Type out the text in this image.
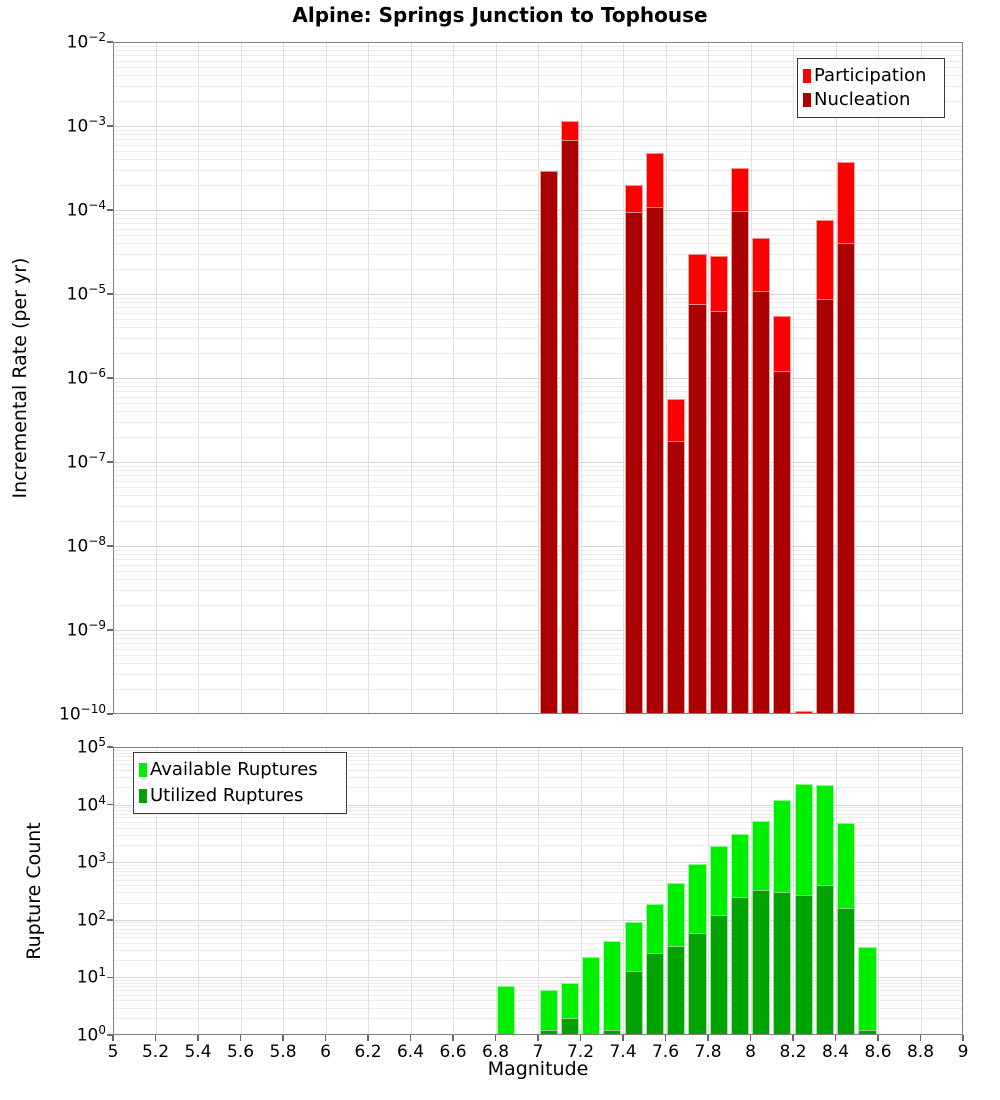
Alpine: Springs Junction to Tophouse
Incremental Rate (per yr)
Participation
Nucleation
Rupture Count
Available Ruptures
Utilized Ruptures
5	5.2 5.4 5.6 5.8	6	6.2 6.4 6.6 6.8	7	7.2 7.4 7.6 7.8	8	8.2 8.4 8.6 8.8	9
Magnitude
$10^{-2}$
$10^{-3}$
$10^{-4}$
$10^{-5}$
$10^{-6}$
$10^{-7}$
$10^{-8}$
$10^{-9}$
$10^{-10}$
$10^5$
$10^4$
$10^3$
$10^2$
$10^1$
$10^0$
